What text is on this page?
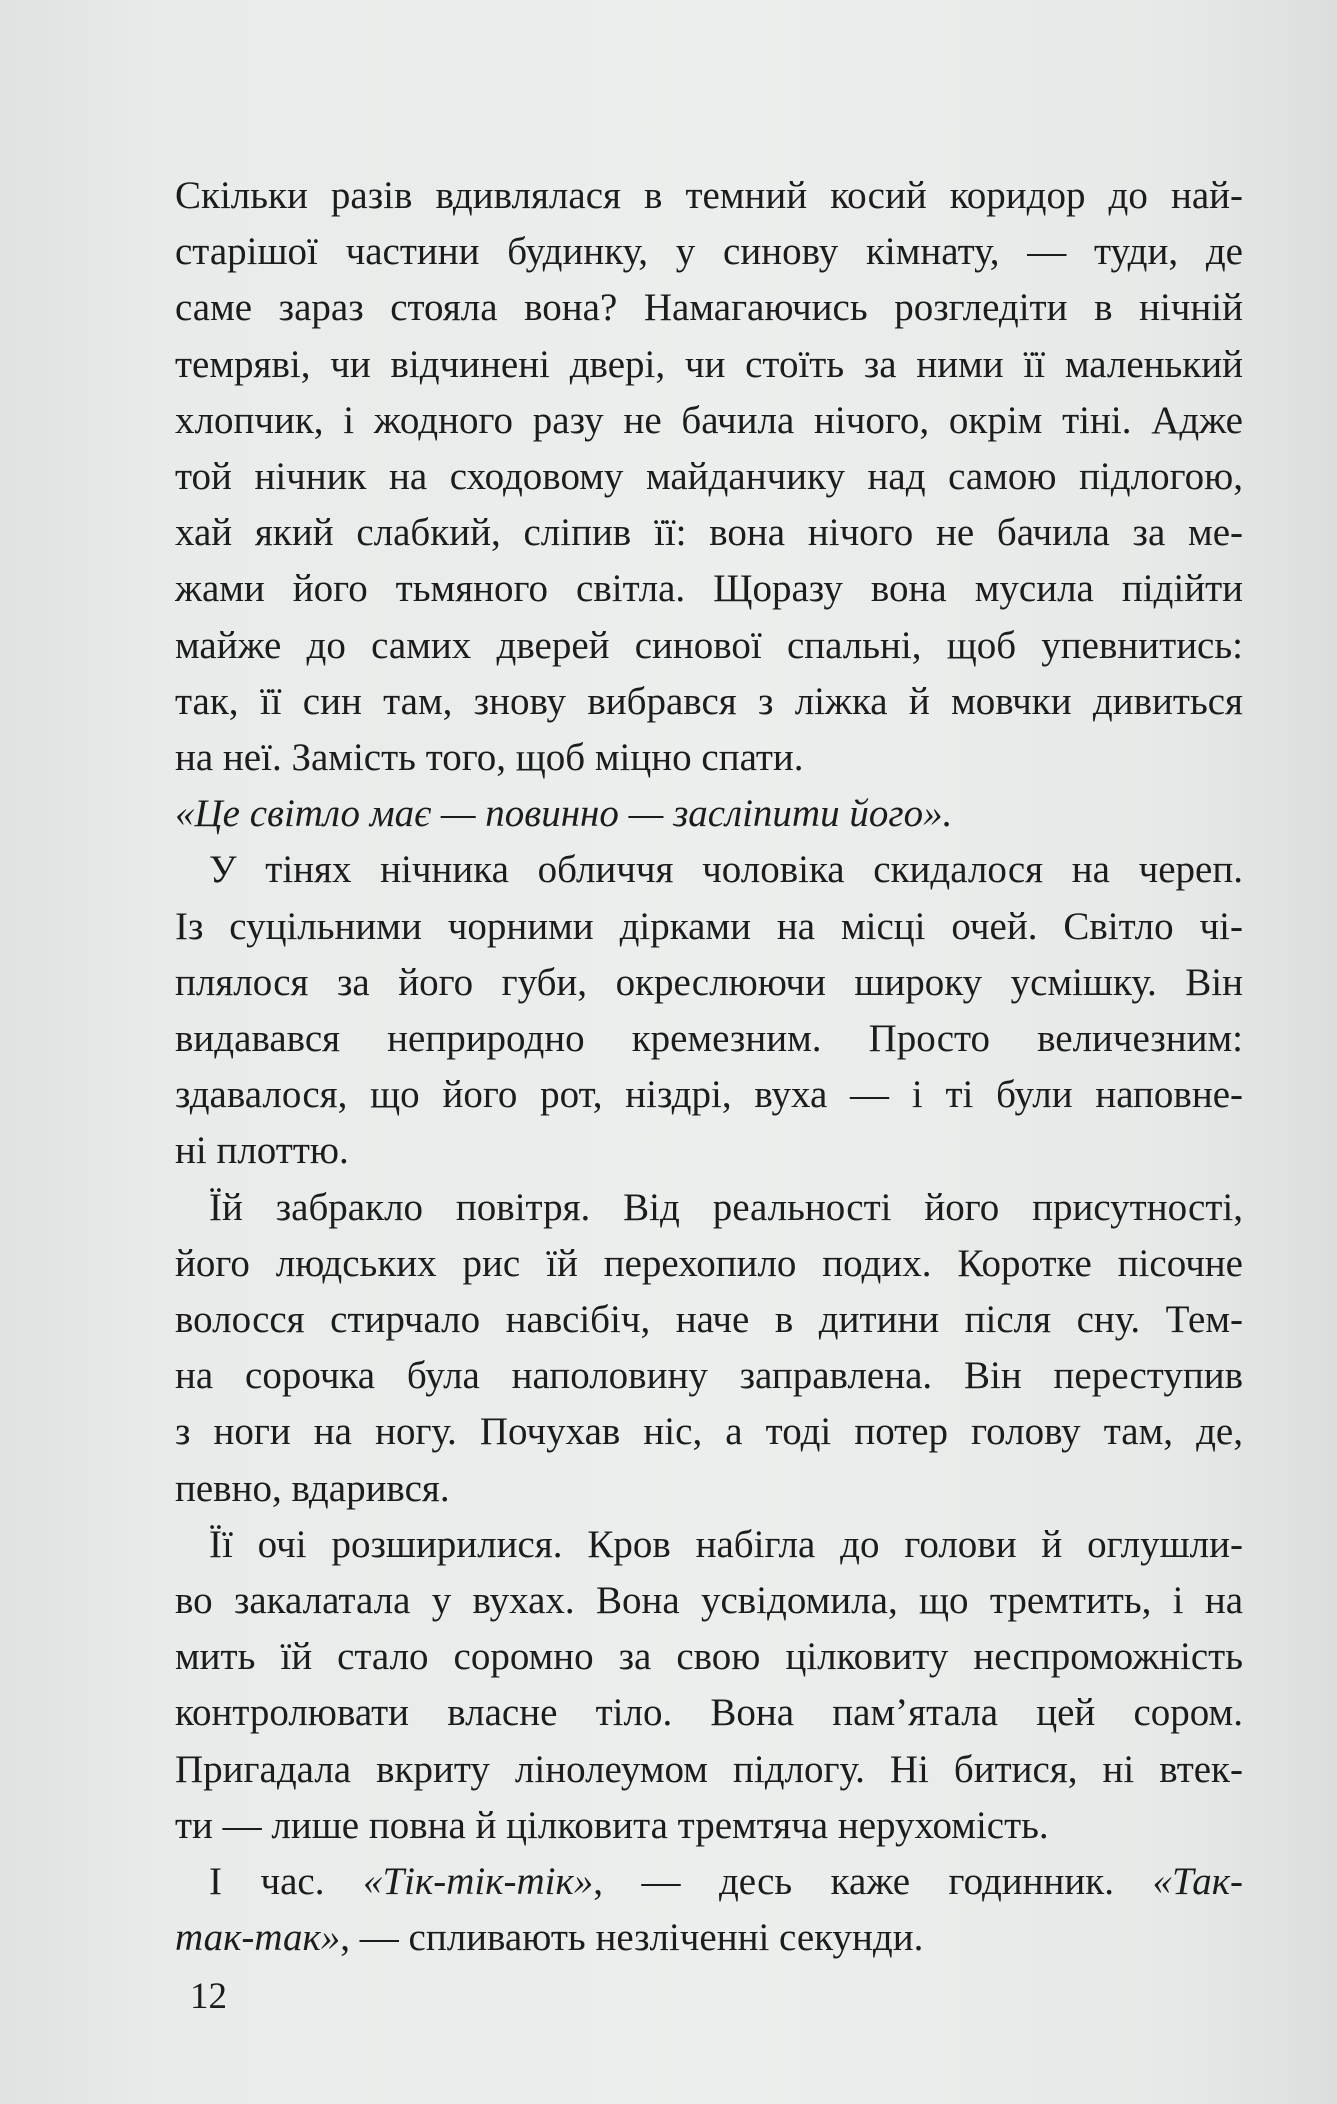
Скільки разів вдивлялася в темний косий коридор до най-
старішої частини будинку, у синову кімнату, — туди, де
саме зараз стояла вона? Намагаючись розгледіти в нічній
темряві, чи відчинені двері, чи стоїть за ними її маленький
хлопчик, і жодного разу не бачила нічого, окрім тіні. Адже
той нічник на сходовому майданчику над самою підлогою,
хай який слабкий, сліпив її: вона нічого не бачила за ме-
жами його тьмяного світла. Щоразу вона мусила підійти
майже до самих дверей синової спальні, щоб упевнитись:
так, її син там, знову вибрався з ліжка й мовчки дивиться
на неї. Замість того, щоб міцно спати.
«Це світло має — повинно — засліпити його».
У тінях нічника обличчя чоловіка скидалося на череп.
Із суцільними чорними дірками на місці очей. Світло чі-
плялося за його губи, окреслюючи широку усмішку. Він
видавався неприродно кремезним. Просто величезним:
здавалося, що його рот, ніздрі, вуха — і ті були наповне-
ні плоттю.
Їй забракло повітря. Від реальності його присутності,
його людських рис їй перехопило подих. Коротке пісочне
волосся стирчало навсібіч, наче в дитини після сну. Тем-
на сорочка була наполовину заправлена. Він переступив
з ноги на ногу. Почухав ніс, а тоді потер голову там, де,
певно, вдарився.
Її очі розширилися. Кров набігла до голови й оглушли-
во закалатала у вухах. Вона усвідомила, що тремтить, і на
мить їй стало соромно за свою цілковиту неспроможність
контролювати власне тіло. Вона пам’ятала цей сором.
Пригадала вкриту лінолеумом підлогу. Ні битися, ні втек-
ти — лише повна й цілковита тремтяча нерухомість.
І час. «Тік-тік-тік», — десь каже годинник. «Так-
так-так», — спливають незліченні секунди.
12
